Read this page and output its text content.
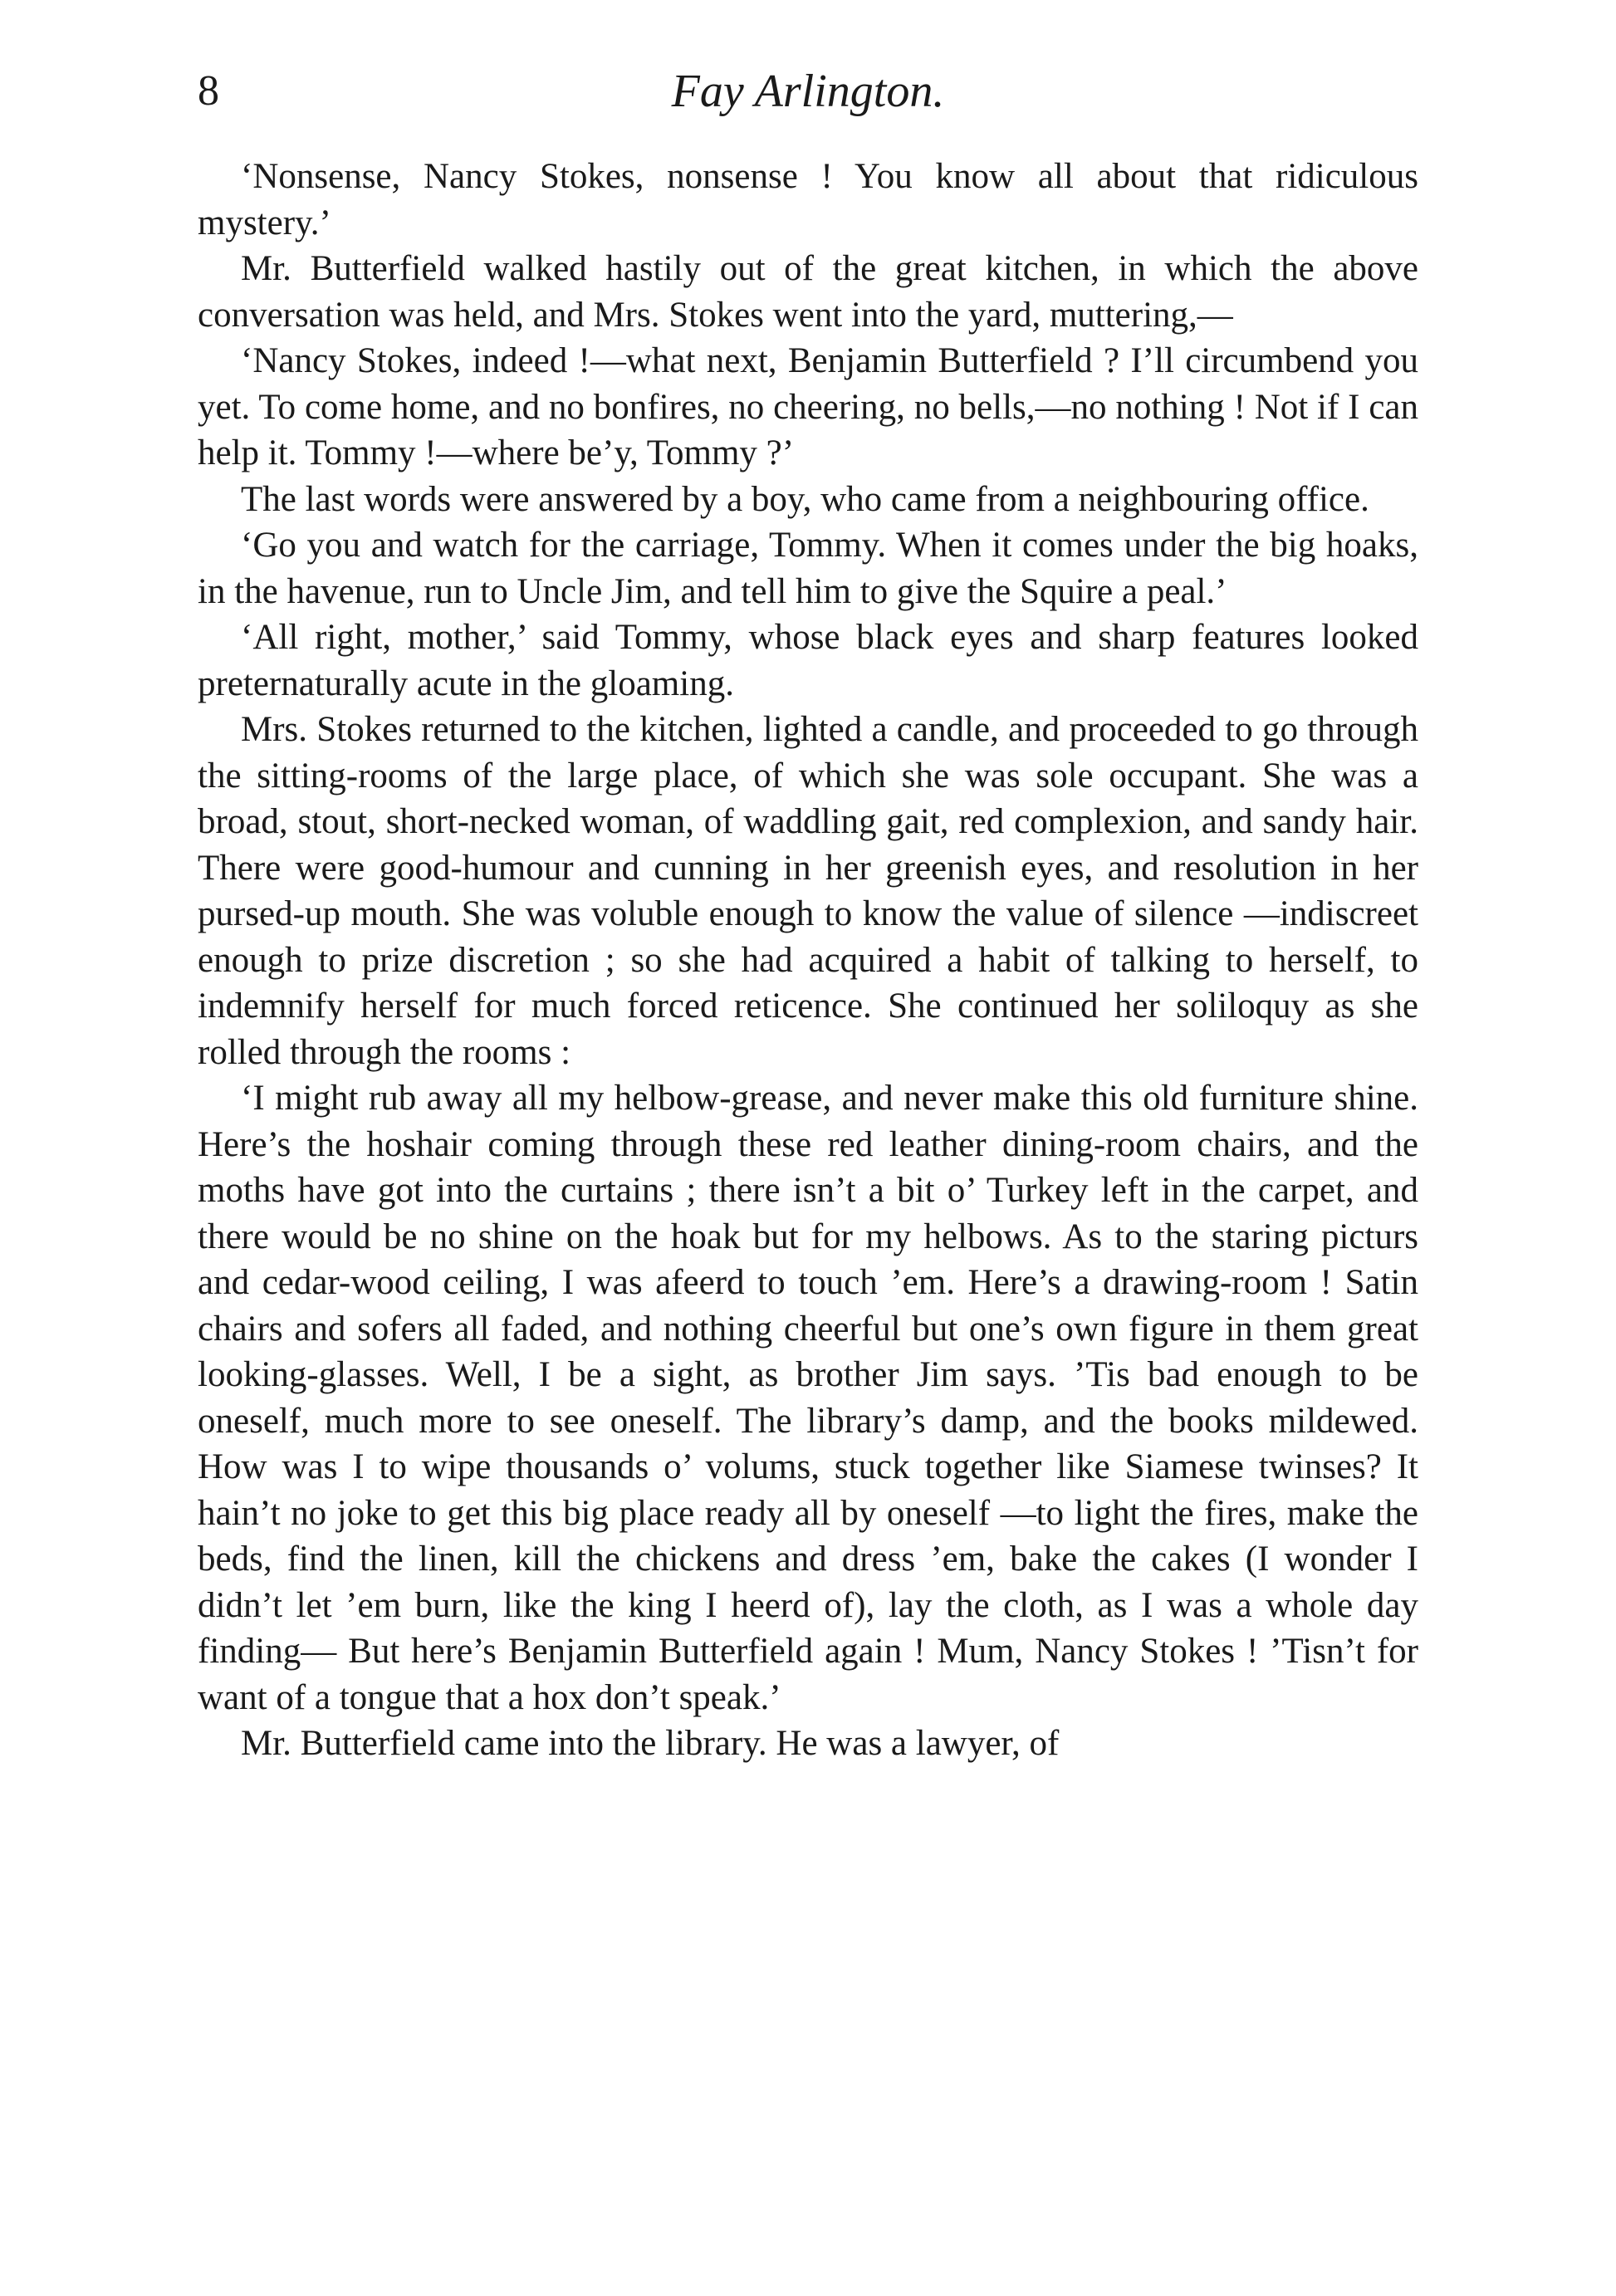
8	Fay Arlington.

‘Nonsense, Nancy Stokes, nonsense ! You know all about that ridiculous mystery.’

Mr. Butterfield walked hastily out of the great kitchen, in which the above conversation was held, and Mrs. Stokes went into the yard, muttering,—

‘Nancy Stokes, indeed !—what next, Benjamin Butterfield ? I’ll circumbend you yet. To come home, and no bonfires, no cheering, no bells,—no nothing ! Not if I can help it. Tommy !—where be’y, Tommy ?’

The last words were answered by a boy, who came from a neighbouring office.

‘Go you and watch for the carriage, Tommy. When it comes under the big hoaks, in the havenue, run to Uncle Jim, and tell him to give the Squire a peal.’

‘All right, mother,’ said Tommy, whose black eyes and sharp features looked preternaturally acute in the gloaming.

Mrs. Stokes returned to the kitchen, lighted a candle, and proceeded to go through the sitting-rooms of the large place, of which she was sole occupant. She was a broad, stout, short-necked woman, of waddling gait, red complexion, and sandy hair. There were good-humour and cunning in her greenish eyes, and resolution in her pursed-up mouth. She was voluble enough to know the value of silence —indiscreet enough to prize discretion ; so she had acquired a habit of talking to herself, to indemnify herself for much forced reticence. She continued her soliloquy as she rolled through the rooms :

‘I might rub away all my helbow-grease, and never make this old furniture shine. Here’s the hoshair coming through these red leather dining-room chairs, and the moths have got into the curtains ; there isn’t a bit o’ Turkey left in the carpet, and there would be no shine on the hoak but for my helbows. As to the staring picturs and cedar-wood ceiling, I was afeerd to touch ’em. Here’s a drawing-room ! Satin chairs and sofers all faded, and nothing cheerful but one’s own figure in them great looking-glasses. Well, I be a sight, as brother Jim says. ’Tis bad enough to be oneself, much more to see oneself. The library’s damp, and the books mildewed. How was I to wipe thousands o’ volums, stuck together like Siamese twinses? It hain’t no joke to get this big place ready all by oneself —to light the fires, make the beds, find the linen, kill the chickens and dress ’em, bake the cakes (I wonder I didn’t let ’em burn, like the king I heerd of), lay the cloth, as I was a whole day finding— But here’s Benjamin Butterfield again ! Mum, Nancy Stokes ! ’Tisn’t for want of a tongue that a hox don’t speak.’

Mr. Butterfield came into the library. He was a lawyer, of
